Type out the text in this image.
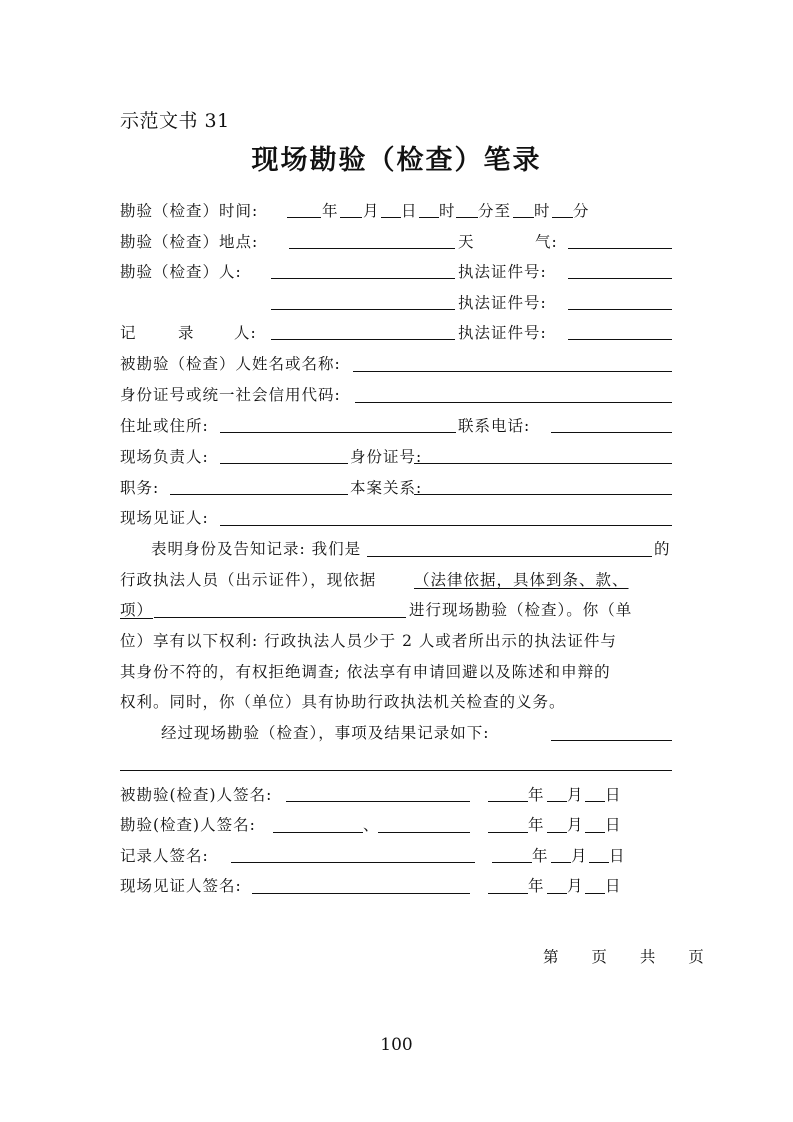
示范文书 31
现场勘验（检查）笔录
勘验（检查）时间:	年 月 日 时 分至 时 分
勘验（检查）地点:	天	气:
勘验（检查）人:	执法证件号:
执法证件号:
记	录	人:	执法证件号:
被勘验（检查）人姓名或名称:
身份证号或统一社会信用代码:
住址或住所:	联系电话:
现场负责人:	身份证号:
职务:	本案关系:
现场见证人:
表明身份及告知记录: 我们是	的
行政执法人员（出示证件），现依据 （法律依据，具体到条、款、
项）	进行现场勘验（检查）。你（单
位）享有以下权利: 行政执法人员少于 2 人或者所出示的执法证件与
其身份不符的，有权拒绝调查; 依法享有申请回避以及陈述和申辩的
权利。同时，你（单位）具有协助行政执法机关检查的义务。
经过现场勘验（检查），事项及结果记录如下:
被勘验(检查)人签名:	年 月 日
勘验(检查)人签名:	、	年 月 日
记录人签名:	年 月 日
现场见证人签名:	年 月 日
第 页 共 页
100
